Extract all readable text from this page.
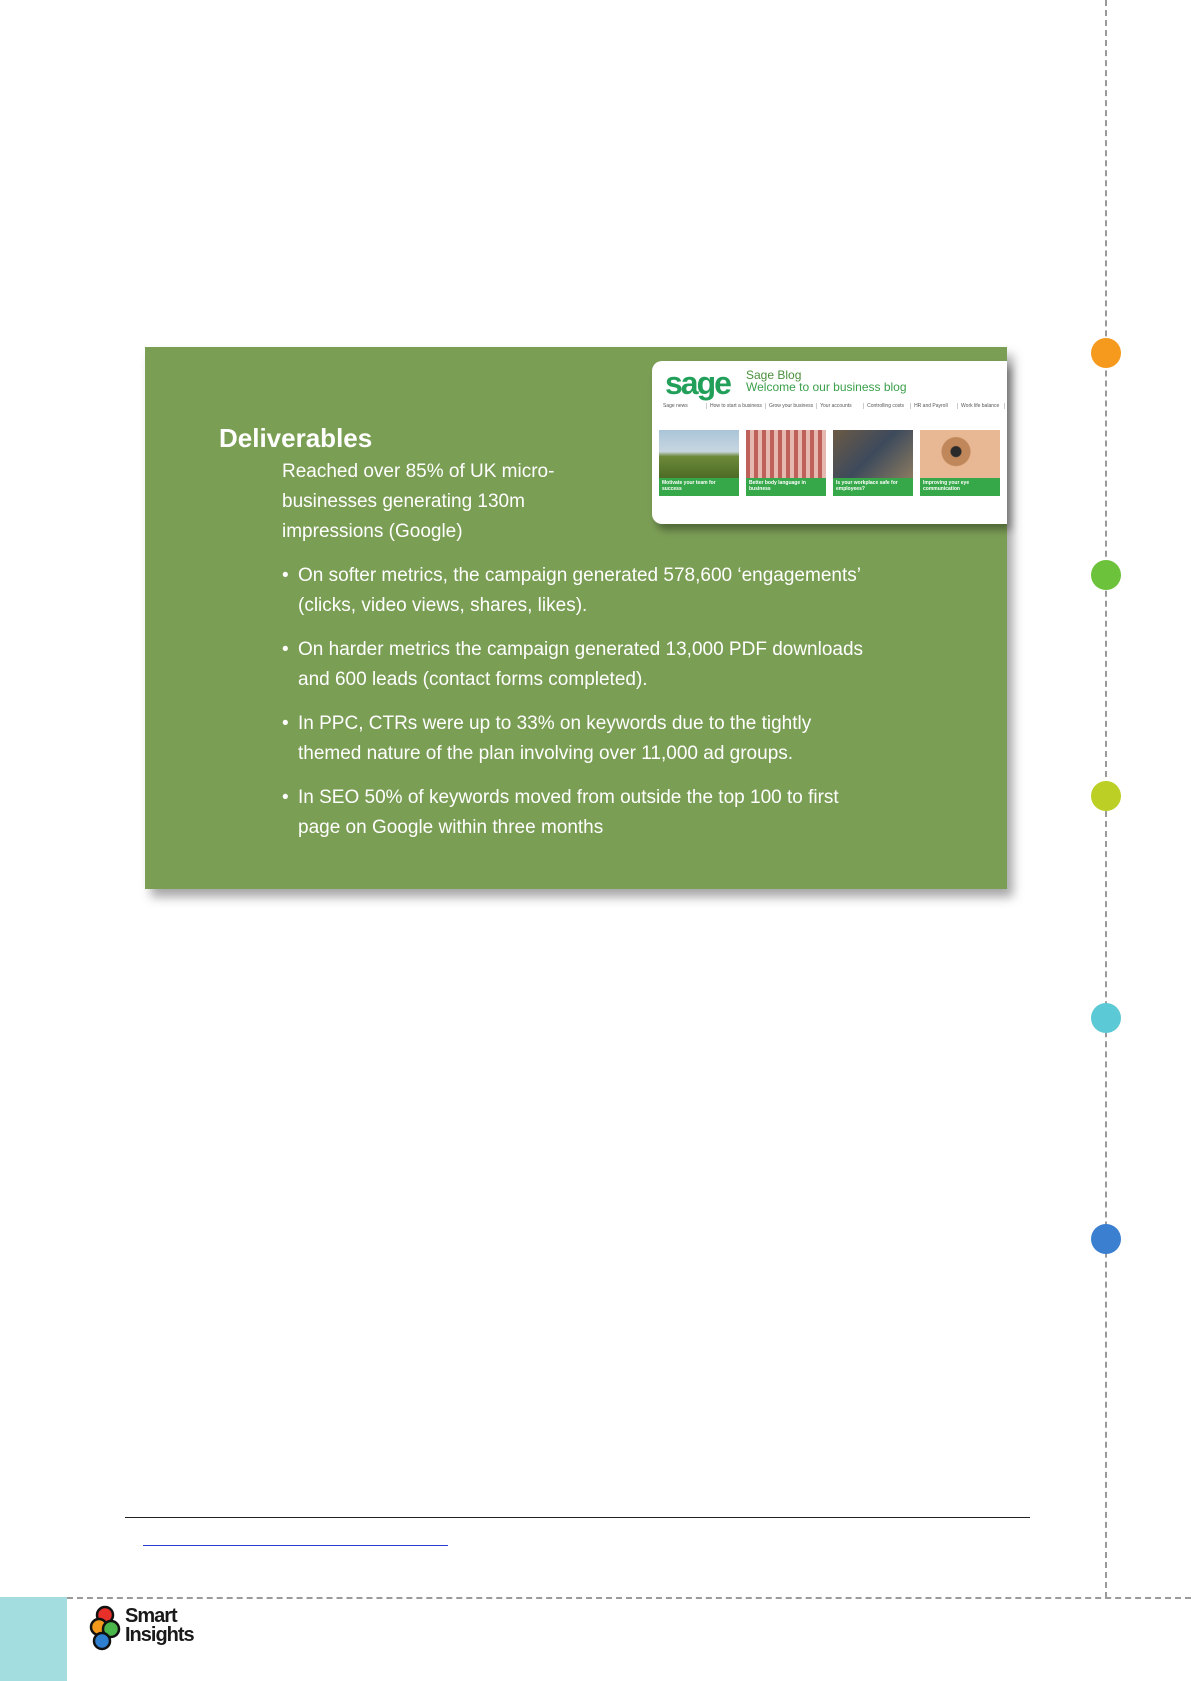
Deliverables
Reached over 85% of UK micro-
businesses generating 130m
impressions (Google)
• On softer metrics, the campaign generated 578,600 ‘engagements’
(clicks, video views, shares, likes).
• On harder metrics the campaign generated 13,000 PDF downloads
and 600 leads (contact forms completed).
• In PPC, CTRs were up to 33% on keywords due to the tightly
themed nature of the plan involving over 11,000 ad groups.
• In SEO 50% of keywords moved from outside the top 100 to first
page on Google within three months
sage Sage Blog
Welcome to our business blog
Sage news	How to start a business	Grow your business	Your accounts	Controlling costs	HR and Payroll	Work life balance
Motivate your team for success
Better body language in business
Is your workplace safe for employees?
Improving your eye communication
Smart
Insights
